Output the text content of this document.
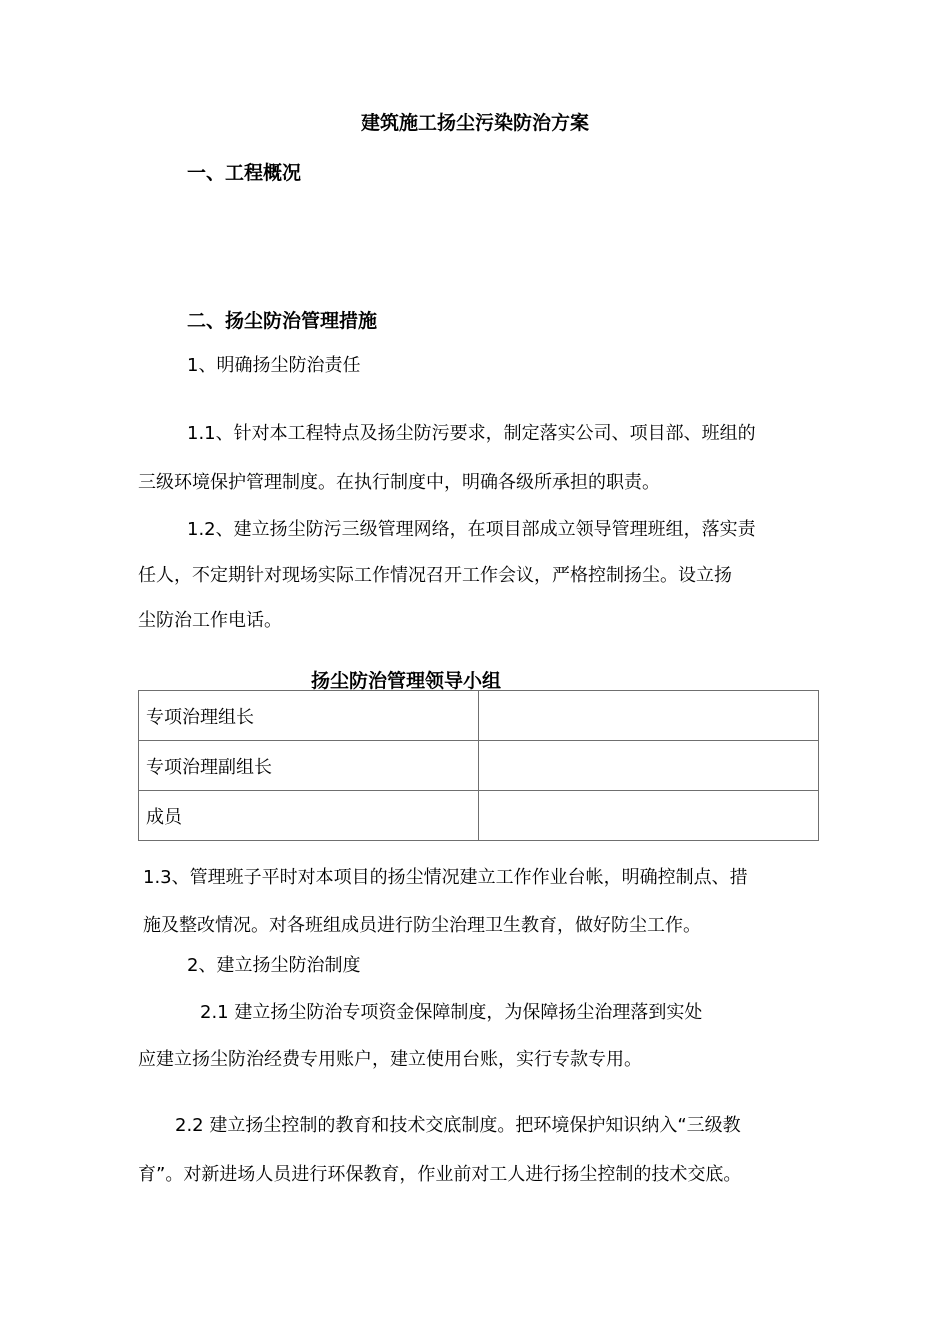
建筑施工扬尘污染防治方案
一、工程概况
二、扬尘防治管理措施
1、明确扬尘防治责任
1.1、针对本工程特点及扬尘防污要求，制定落实公司、项目部、班组的
三级环境保护管理制度。在执行制度中，明确各级所承担的职责。
1.2、建立扬尘防污三级管理网络，在项目部成立领导管理班组，落实责
任人，不定期针对现场实际工作情况召开工作会议，严格控制扬尘。设立扬
尘防治工作电话。
扬尘防治管理领导小组
专项治理组长	
专项治理副组长	
成员	
1.3、管理班子平时对本项目的扬尘情况建立工作作业台帐，明确控制点、措
施及整改情况。对各班组成员进行防尘治理卫生教育，做好防尘工作。
2、建立扬尘防治制度
2.1 建立扬尘防治专项资金保障制度，为保障扬尘治理落到实处
应建立扬尘防治经费专用账户，建立使用台账，实行专款专用。
2.2 建立扬尘控制的教育和技术交底制度。把环境保护知识纳入“三级教
育”。对新进场人员进行环保教育，作业前对工人进行扬尘控制的技术交底。
